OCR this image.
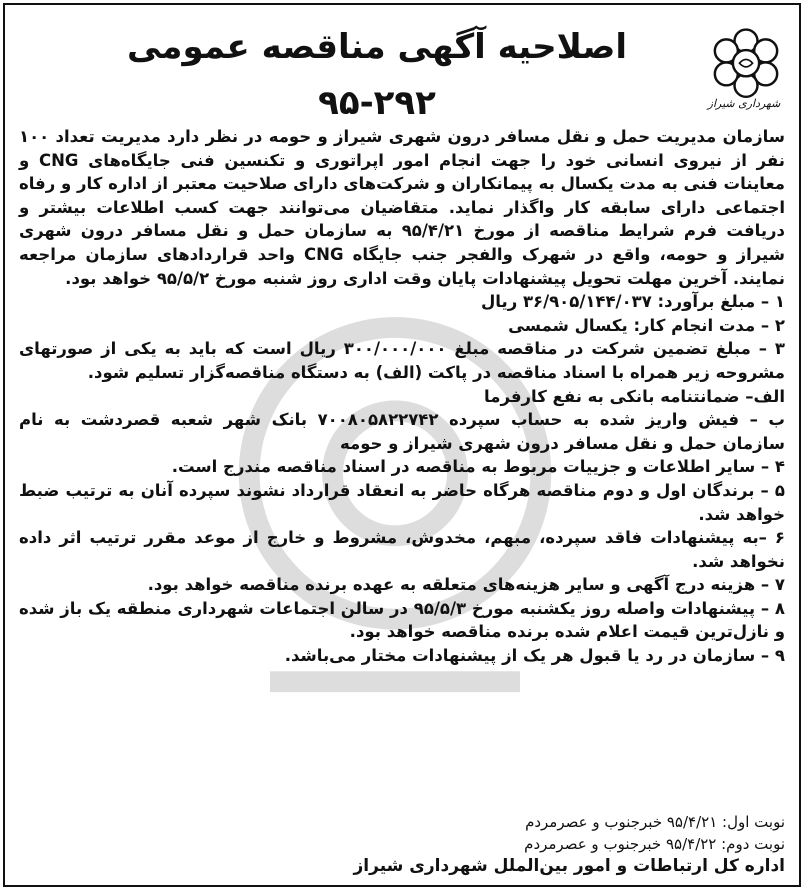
شهرداری شیراز
اصلاحیه آگهی مناقصه عمومی
۹۵-۲۹۲

سازمان مدیریت حمل و نقل مسافر درون شهری شیراز و حومه در نظر دارد مدیریت تعداد ۱۰۰ نفر از نیروی انسانی خود را جهت انجام امور اپراتوری و تکنسین فنی جایگاه‌های CNG و معاینات فنی به مدت یکسال به پیمانکاران و شرکت‌های دارای صلاحیت معتبر از اداره کار و رفاه اجتماعی دارای سابقه کار واگذار نماید. متقاضیان می‌توانند جهت کسب اطلاعات بیشتر و دریافت فرم شرایط مناقصه از مورخ ۹۵/۴/۲۱ به سازمان حمل و نقل مسافر درون شهری شیراز و حومه، واقع در شهرک والفجر جنب جایگاه CNG واحد قراردادهای سازمان مراجعه نمایند. آخرین مهلت تحویل پیشنهادات پایان وقت اداری روز شنبه مورخ ۹۵/۵/۲ خواهد بود.

۱ – مبلغ برآورد: ۳۶/۹۰۵/۱۴۴/۰۳۷ ریال

۲ – مدت انجام کار: یکسال شمسی

۳ – مبلغ تضمین شرکت در مناقصه مبلغ ۳۰۰/۰۰۰/۰۰۰ ریال است که باید به یکی از صورتهای مشروحه زیر همراه با اسناد مناقصه در پاکت (الف) به دستگاه مناقصه‌گزار تسلیم شود.

الف– ضمانتنامه بانکی به نفع کارفرما

ب – فیش واریز شده به حساب سپرده ۷۰۰۸۰۵۸۲۲۷۴۲ بانک شهر شعبه قصردشت به نام سازمان حمل و نقل مسافر درون شهری شیراز و حومه

۴ – سایر اطلاعات و جزییات مربوط به مناقصه در اسناد مناقصه مندرج است.

۵ – برندگان اول و دوم مناقصه هرگاه حاضر به انعقاد قرارداد نشوند سپرده آنان به ترتیب ضبط خواهد شد.

۶ –به پیشنهادات فاقد سپرده، مبهم، مخدوش، مشروط و خارج از موعد مقرر ترتیب اثر داده نخواهد شد.

۷ – هزینه درج آگهی و سایر هزینه‌های متعلقه به عهده برنده مناقصه خواهد بود.

۸ – پیشنهادات واصله روز یکشنبه مورخ ۹۵/۵/۳ در سالن اجتماعات شهرداری منطقه یک باز شده و نازل‌ترین قیمت اعلام شده برنده مناقصه خواهد بود.

۹ – سازمان در رد یا قبول هر یک از پیشنهادات مختار می‌باشد.

نوبت اول: ۹۵/۴/۲۱ خبرجنوب و عصرمردم
نوبت دوم: ۹۵/۴/۲۲ خبرجنوب و عصرمردم
اداره کل ارتباطات و امور بین‌الملل شهرداری شیراز
